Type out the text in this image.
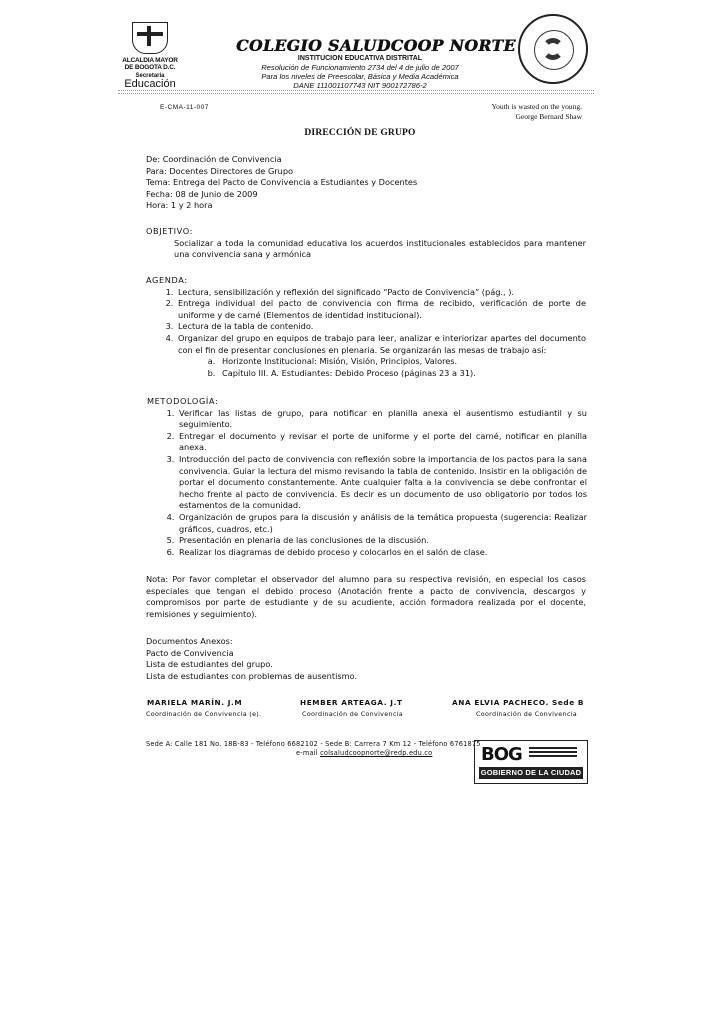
ALCALDIA MAYOR
DE BOGOTA D.C.
Secretaría
Educación
COLEGIO SALUDCOOP NORTE
INSTITUCION EDUCATIVA DISTRITAL
Resolución de Funcionamiento 2734 del 4 de julio de 2007
Para los niveles de Preescolar, Básica y Media Académica
DANE 111001107743 NIT 900172786-2
E-CMA-11-007	Youth is wasted on the young.
George Bernard Shaw
DIRECCIÓN DE GRUPO

De: Coordinación de Convivencia

Para: Docentes Directores de Grupo

Tema: Entrega del Pacto de Convivencia a Estudiantes y Docentes

Fecha: 08 de Junio de 2009

Hora: 1 y 2 hora

OBJETIVO:

Socializar a toda la comunidad educativa los acuerdos institucionales establecidos para mantener una convivencia sana y armónica

AGENDA:

1. Lectura, sensibilización y reflexión del significado “Pacto de Convivencia” (pág., ).
2. Entrega individual del pacto de convivencia con firma de recibido, verificación de porte de uniforme y de carné (Elementos de identidad institucional).
3. Lectura de la tabla de contenido.
4. Organizar del grupo en equipos de trabajo para leer, analizar e interiorizar apartes del documento con el fin de presentar conclusiones en plenaria. Se organizarán las mesas de trabajo así:
a. Horizonte Institucional: Misión, Visión, Principios, Valores.
b. Capítulo III. A. Estudiantes: Debido Proceso (páginas 23 a 31).

METODOLOGÍA:

1. Verificar las listas de grupo, para notificar en planilla anexa el ausentismo estudiantil y su seguimiento.
2. Entregar el documento y revisar el porte de uniforme y el porte del carné, notificar en planilla anexa.
3. Introducción del pacto de convivencia con reflexión sobre la importancia de los pactos para la sana convivencia. Guiar la lectura del mismo revisando la tabla de contenido. Insistir en la obligación de portar el documento constantemente. Ante cualquier falta a la convivencia se debe confrontar el hecho frente al pacto de convivencia. Es decir es un documento de uso obligatorio por todos los estamentos de la comunidad.
4. Organización de grupos para la discusión y análisis de la temática propuesta (sugerencia: Realizar gráficos, cuadros, etc.)
5. Presentación en plenaria de las conclusiones de la discusión.
6. Realizar los diagramas de debido proceso y colocarlos en el salón de clase.
Nota: Por favor completar el observador del alumno para su respectiva revisión, en especial los casos especiales que tengan el debido proceso (Anotación frente a pacto de convivencia, descargos y compromisos por parte de estudiante y de su acudiente, acción formadora realizada por el docente, remisiones y seguimiento).

Documentos Anexos:

Pacto de Convivencia

Lista de estudiantes del grupo.

Lista de estudiantes con problemas de ausentismo.

MARIELA MARÍN. J.M
Coordinación de Convivencia (e).
HEMBER ARTEAGA. J.T
Coordinación de Convivencia
ANA ELVIA PACHECO. Sede B
Coordinación de Convivencia
Sede A: Calle 181 No. 18B-83 - Teléfono 6682102 - Sede B: Carrera 7 Km 12 - Teléfono 6761875
e-mail colsaludcoopnorte@redp.edu.co	BOG
GOBIERNO DE LA CIUDAD
